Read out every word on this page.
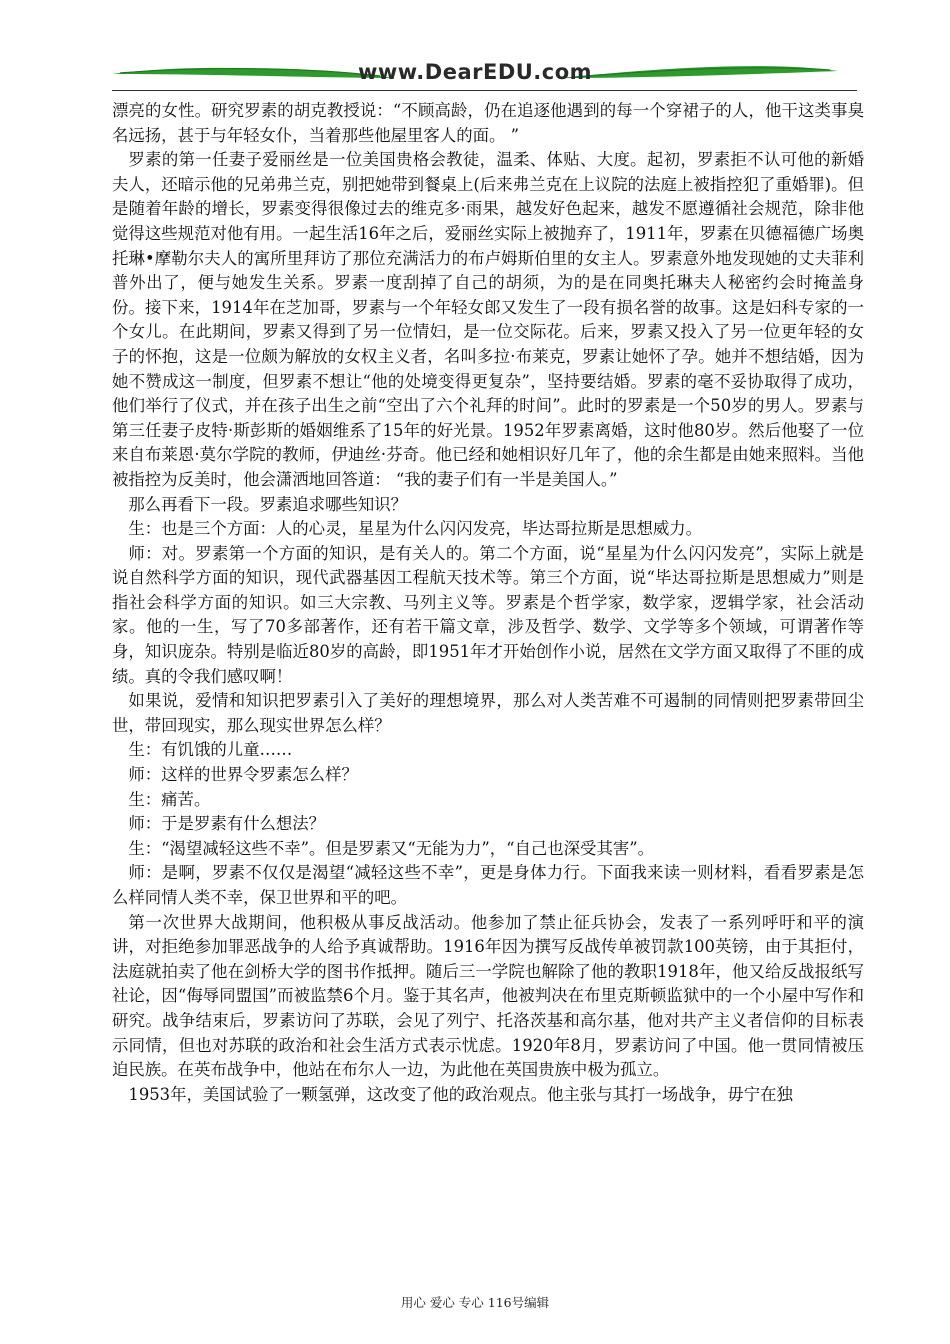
www.DearEDU.com

漂亮的女性。研究罗素的胡克教授说：“不顾高龄，仍在追逐他遇到的每一个穿裙子的人，他干这类事臭名远扬，甚于与年轻女仆，当着那些他屋里客人的面。 ”

罗素的第一任妻子爱丽丝是一位美国贵格会教徒，温柔、体贴、大度。起初，罗素拒不认可他的新婚夫人，还暗示他的兄弟弗兰克，别把她带到餐桌上(后来弗兰克在上议院的法庭上被指控犯了重婚罪)。但是随着年龄的增长，罗素变得很像过去的维克多·雨果，越发好色起来，越发不愿遵循社会规范，除非他觉得这些规范对他有用。一起生活16年之后，爱丽丝实际上被抛弃了，1911年，罗素在贝德福德广场奥托琳•摩勒尔夫人的寓所里拜访了那位充满活力的布卢姆斯伯里的女主人。罗素意外地发现她的丈夫菲利普外出了，便与她发生关系。罗素一度刮掉了自己的胡须，为的是在同奥托琳夫人秘密约会时掩盖身份。接下来，1914年在芝加哥，罗素与一个年轻女郎又发生了一段有损名誉的故事。这是妇科专家的一个女儿。在此期间，罗素又得到了另一位情妇，是一位交际花。后来，罗素又投入了另一位更年轻的女子的怀抱，这是一位颇为解放的女权主义者，名叫多拉·布莱克，罗素让她怀了孕。她并不想结婚，因为她不赞成这一制度，但罗素不想让“他的处境变得更复杂”，坚持要结婚。罗素的毫不妥协取得了成功，他们举行了仪式，并在孩子出生之前“空出了六个礼拜的时间”。此时的罗素是一个50岁的男人。罗素与第三任妻子皮特·斯彭斯的婚姻维系了15年的好光景。1952年罗素离婚，这时他80岁。然后他娶了一位来自布莱恩·莫尔学院的教师，伊迪丝·芬奇。他已经和她相识好几年了，他的余生都是由她来照料。当他被指控为反美时，他会潇洒地回答道： “我的妻子们有一半是美国人。”

那么再看下一段。罗素追求哪些知识？

生：也是三个方面：人的心灵，星星为什么闪闪发亮，毕达哥拉斯是思想威力。

师：对。罗素第一个方面的知识，是有关人的。第二个方面，说“星星为什么闪闪发亮”，实际上就是说自然科学方面的知识，现代武器基因工程航天技术等。第三个方面，说“毕达哥拉斯是思想威力”则是指社会科学方面的知识。如三大宗教、马列主义等。罗素是个哲学家，数学家，逻辑学家，社会活动家。他的一生，写了70多部著作，还有若干篇文章，涉及哲学、数学、文学等多个领域，可谓著作等身，知识庞杂。特别是临近80岁的高龄，即1951年才开始创作小说，居然在文学方面又取得了不匪的成绩。真的令我们感叹啊！

如果说，爱情和知识把罗素引入了美好的理想境界，那么对人类苦难不可遏制的同情则把罗素带回尘世，带回现实，那么现实世界怎么样？

生：有饥饿的儿童……

师：这样的世界令罗素怎么样？

生：痛苦。

师：于是罗素有什么想法？

生：“渴望减轻这些不幸”。但是罗素又“无能为力”，“自己也深受其害”。

师：是啊，罗素不仅仅是渴望“减轻这些不幸”，更是身体力行。下面我来读一则材料，看看罗素是怎么样同情人类不幸，保卫世界和平的吧。

第一次世界大战期间，他积极从事反战活动。他参加了禁止征兵协会，发表了一系列呼吁和平的演讲，对拒绝参加罪恶战争的人给予真诚帮助。1916年因为撰写反战传单被罚款100英镑，由于其拒付，法庭就拍卖了他在剑桥大学的图书作抵押。随后三一学院也解除了他的教职1918年，他又给反战报纸写社论，因“侮辱同盟国”而被监禁6个月。鉴于其名声，他被判决在布里克斯顿监狱中的一个小屋中写作和研究。战争结束后，罗素访问了苏联，会见了列宁、托洛茨基和高尔基，他对共产主义者信仰的目标表示同情，但也对苏联的政治和社会生活方式表示忧虑。1920年8月，罗素访问了中国。他一贯同情被压迫民族。在英布战争中，他站在布尔人一边，为此他在英国贵族中极为孤立。

1953年，美国试验了一颗氢弹，这改变了他的政治观点。他主张与其打一场战争，毋宁在独

用心 爱心 专心 116号编辑
